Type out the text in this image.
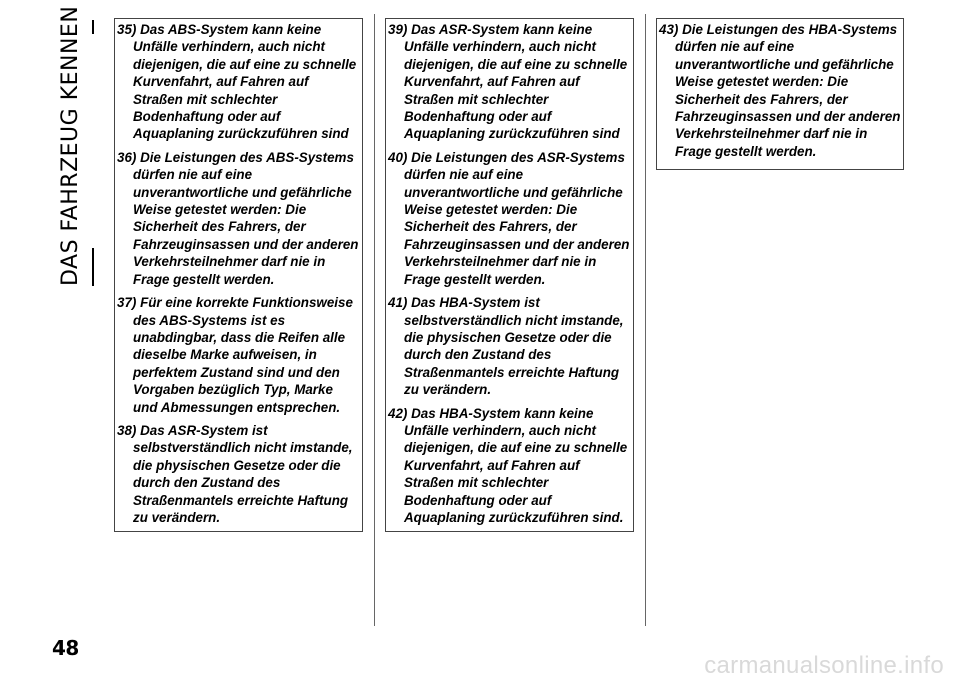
DAS FAHRZEUG KENNEN	35) Das ABS-System kann keine Unfälle verhindern, auch nicht diejenigen, die auf eine zu schnelle Kurvenfahrt, auf Fahren auf Straßen mit schlechter Bodenhaftung oder auf Aquaplaning zurückzuführen sind

36) Die Leistungen des ABS-Systems dürfen nie auf eine unverantwortliche und gefährliche Weise getestet werden: Die Sicherheit des Fahrers, der Fahrzeuginsassen und der anderen Verkehrsteilnehmer darf nie in Frage gestellt werden.

37) Für eine korrekte Funktionsweise des ABS-Systems ist es unabdingbar, dass die Reifen alle dieselbe Marke aufweisen, in perfektem Zustand sind und den Vorgaben bezüglich Typ, Marke und Abmessungen entsprechen.

38) Das ASR-System ist selbstverständlich nicht imstande, die physischen Gesetze oder die durch den Zustand des Straßenmantels erreichte Haftung zu verändern.

39) Das ASR-System kann keine Unfälle verhindern, auch nicht diejenigen, die auf eine zu schnelle Kurvenfahrt, auf Fahren auf Straßen mit schlechter Bodenhaftung oder auf Aquaplaning zurückzuführen sind

40) Die Leistungen des ASR-Systems dürfen nie auf eine unverantwortliche und gefährliche Weise getestet werden: Die Sicherheit des Fahrers, der Fahrzeuginsassen und der anderen Verkehrsteilnehmer darf nie in Frage gestellt werden.

41) Das HBA-System ist selbstverständlich nicht imstande, die physischen Gesetze oder die durch den Zustand des Straßenmantels erreichte Haftung zu verändern.

42) Das HBA-System kann keine Unfälle verhindern, auch nicht diejenigen, die auf eine zu schnelle Kurvenfahrt, auf Fahren auf Straßen mit schlechter Bodenhaftung oder auf Aquaplaning zurückzuführen sind.

43) Die Leistungen des HBA-Systems dürfen nie auf eine unverantwortliche und gefährliche Weise getestet werden: Die Sicherheit des Fahrers, der Fahrzeuginsassen und der anderen Verkehrsteilnehmer darf nie in Frage gestellt werden.

48
carmanualsonline.info
